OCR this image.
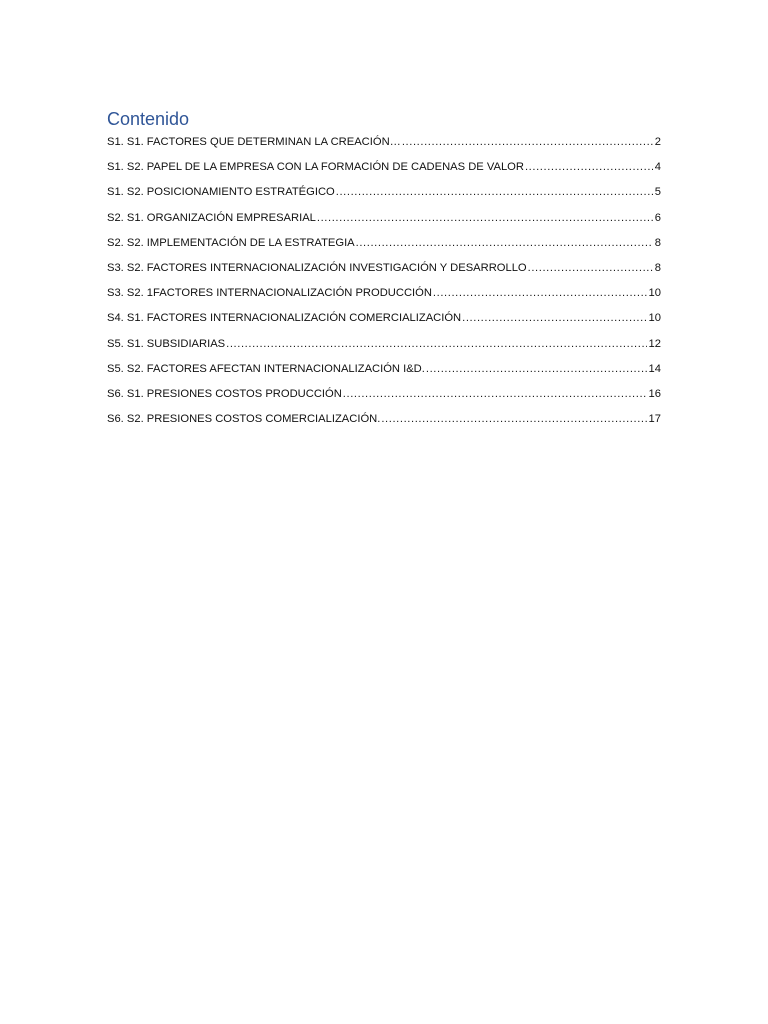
Contenido
S1. S1. FACTORES QUE DETERMINAN LA CREACIÓN… .....	2
S1. S2. PAPEL DE LA EMPRESA CON LA FORMACIÓN DE CADENAS DE VALOR .....	4
S1. S2. POSICIONAMIENTO ESTRATÉGICO .....	5
S2. S1. ORGANIZACIÓN EMPRESARIAL .....	6
S2. S2. IMPLEMENTACIÓN DE LA ESTRATEGIA .....	8
S3. S2. FACTORES INTERNACIONALIZACIÓN INVESTIGACIÓN Y DESARROLLO .....	8
S3. S2. 1FACTORES INTERNACIONALIZACIÓN PRODUCCIÓN .....	10
S4. S1. FACTORES INTERNACIONALIZACIÓN COMERCIALIZACIÓN .....	10
S5. S1. SUBSIDIARIAS .....	12
S5. S2. FACTORES AFECTAN INTERNACIONALIZACIÓN I&D. .....	14
S6. S1. PRESIONES COSTOS PRODUCCIÓN .....	16
S6. S2. PRESIONES COSTOS COMERCIALIZACIÓN. .....	17
